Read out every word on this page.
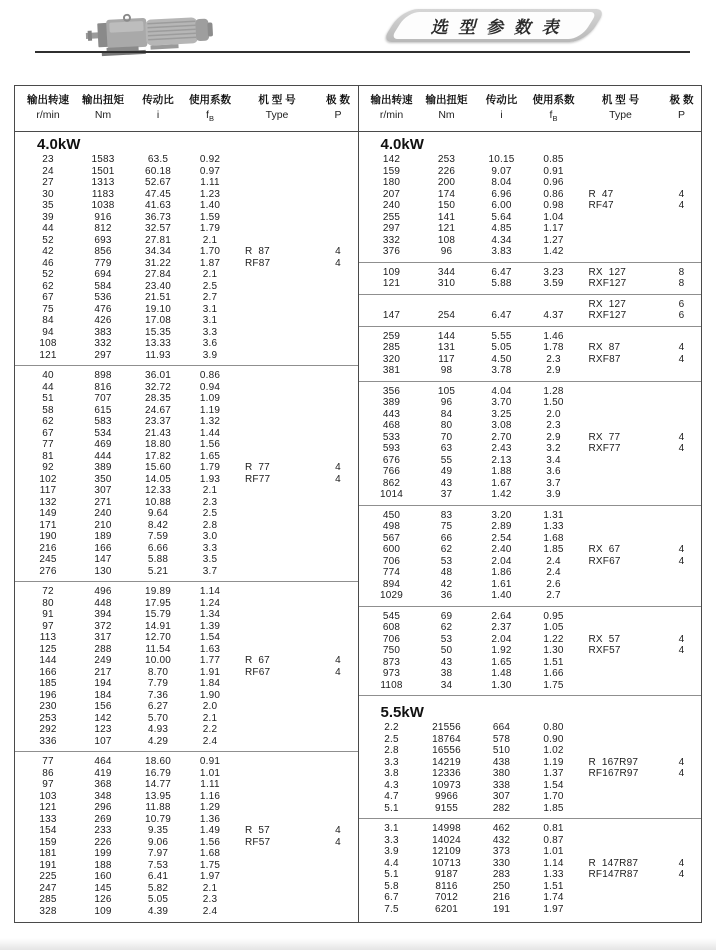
选 型 参 数 表
输出转速
r/min
输出扭矩
Nm
传动比
i
使用系数
$f_B$
机 型 号
Type
极 数
P
4.0kW
23	1583	63.5	0.92
24	1501	60.18	0.97
27	1313	52.67	1.11
30	1183	47.45	1.23
35	1038	41.63	1.40
39	916	36.73	1.59
44	812	32.57	1.79
52	693	27.81	2.1
42	856	34.34	1.70	R  87	4
46	779	31.22	1.87	RF87	4
52	694	27.84	2.1
62	584	23.40	2.5
67	536	21.51	2.7
75	476	19.10	3.1
84	426	17.08	3.1
94	383	15.35	3.3
108	332	13.33	3.6
121	297	11.93	3.9
40	898	36.01	0.86
44	816	32.72	0.94
51	707	28.35	1.09
58	615	24.67	1.19
62	583	23.37	1.32
67	534	21.43	1.44
77	469	18.80	1.56
81	444	17.82	1.65
92	389	15.60	1.79	R  77	4
102	350	14.05	1.93	RF77	4
117	307	12.33	2.1
132	271	10.88	2.3
149	240	9.64	2.5
171	210	8.42	2.8
190	189	7.59	3.0
216	166	6.66	3.3
245	147	5.88	3.5
276	130	5.21	3.7
72	496	19.89	1.14
80	448	17.95	1.24
91	394	15.79	1.34
97	372	14.91	1.39
113	317	12.70	1.54
125	288	11.54	1.63
144	249	10.00	1.77	R  67	4
166	217	8.70	1.91	RF67	4
185	194	7.79	1.84
196	184	7.36	1.90
230	156	6.27	2.0
253	142	5.70	2.1
292	123	4.93	2.2
336	107	4.29	2.4
77	464	18.60	0.91
86	419	16.79	1.01
97	368	14.77	1.11
103	348	13.95	1.16
121	296	11.88	1.29
133	269	10.79	1.36
154	233	9.35	1.49	R  57	4
159	226	9.06	1.56	RF57	4
181	199	7.97	1.68
191	188	7.53	1.75
225	160	6.41	1.97
247	145	5.82	2.1
285	126	5.05	2.3
328	109	4.39	2.4
输出转速
r/min
输出扭矩
Nm
传动比
i
使用系数
$f_B$
机 型 号
Type
极 数
P
4.0kW
142	253	10.15	0.85
159	226	9.07	0.91
180	200	8.04	0.96
207	174	6.96	0.86	R  47	4
240	150	6.00	0.98	RF47	4
255	141	5.64	1.04
297	121	4.85	1.17
332	108	4.34	1.27
376	96	3.83	1.42
109	344	6.47	3.23	RX  127	8
121	310	5.88	3.59	RXF127	8
RX  127	6
147	254	6.47	4.37	RXF127	6
259	144	5.55	1.46
285	131	5.05	1.78	RX  87	4
320	117	4.50	2.3	RXF87	4
381	98	3.78	2.9
356	105	4.04	1.28
389	96	3.70	1.50
443	84	3.25	2.0
468	80	3.08	2.3
533	70	2.70	2.9	RX  77	4
593	63	2.43	3.2	RXF77	4
676	55	2.13	3.4
766	49	1.88	3.6
862	43	1.67	3.7
1014	37	1.42	3.9
450	83	3.20	1.31
498	75	2.89	1.33
567	66	2.54	1.68
600	62	2.40	1.85	RX  67	4
706	53	2.04	2.4	RXF67	4
774	48	1.86	2.4
894	42	1.61	2.6
1029	36	1.40	2.7
545	69	2.64	0.95
608	62	2.37	1.05
706	53	2.04	1.22	RX  57	4
750	50	1.92	1.30	RXF57	4
873	43	1.65	1.51
973	38	1.48	1.66
1108	34	1.30	1.75
5.5kW
2.2	21556	664	0.80
2.5	18764	578	0.90
2.8	16556	510	1.02
3.3	14219	438	1.19	R  167R97	4
3.8	12336	380	1.37	RF167R97	4
4.3	10973	338	1.54
4.7	9966	307	1.70
5.1	9155	282	1.85
3.1	14998	462	0.81
3.3	14024	432	0.87
3.9	12109	373	1.01
4.4	10713	330	1.14	R  147R87	4
5.1	9187	283	1.33	RF147R87	4
5.8	8116	250	1.51
6.7	7012	216	1.74
7.5	6201	191	1.97
